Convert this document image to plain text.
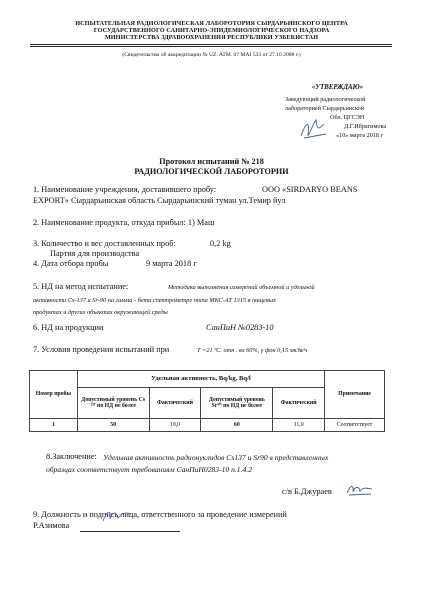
ИСПЫТАТЕЛЬНАЯ РАДИОЛОГИЧЕСКАЯ ЛАБОРОТОРИЯ СЫРДАРЬИНСКОГО ЦЕНТРА
ГОСУДАРСТВЕННОГО САНИТАРНО-ЭПИДЕМИОЛОГИЧЕСКОГО НАДЗОРА
МИНИСТЕРСТВА ЗДРАВООХРАНЕНИЯ РЕСПУБЛИКИ УЗБЕКИСТАН
(Свидетельство об аккредитации № UZ. ATM. 07 MAI 533 от 27.10 2008 г.)
«УТВЕРЖДАЮ»
Заведующий радиологической
лабораторией Сырдарьинской
Обл. ЦГСЭН
Д.Г.Ибрагимова
«10» марта 2018 г
Протокол испытаний № 218
РАДИОЛОГИЧЕСКОЙ ЛАБОРОТОРИИ
1. Наименование учреждения, доставившего пробу:	ООО «SIRDARYO BEANS
EXPORT» Сырдарьинская область Сырдарьинский туман ул.Темир йул
2. Наименование продукта, откуда прибыл: 1) Маш
3. Количество и вес доставленных проб:	0,2 kg
Партия для производства
4. Дата отбора пробы	9 марта 2018 г
5. НД на метод испытание:	Методика выполнения измерений объемной и удельной
активности Cs-137 и Sr-90 на гамма - бета спектрометре типа МКС-АТ 1315 в пищевых
продуктах и других объектах окружающей среды
6. НД на продукции	СанПиН №0283-10
7. Условия проведения испытаний при	Т =21 ºС. отн . вл 60%, γ фон 0,15 мкЗв/ч
Номер пробы	Удельная активность, Bq/kg, Bq/l				Примечание
	Допустимый уровень Cs ¹³⁷ по НД не более	Фактический	Допустимый уровень Sr⁹⁰ по НД не более	Фактический	
1	50	10,0	60	11,0	Соответствует
8.Заключение: Удельная активность радионуклидов Cs137 и Sr90 в представленных
образцах соответствует требованиям СанПиН0283-10 п.1.4.2
с/в Б.Джураев
9. Должность и подпись лица, ответственного за проведение измерений
Р.Азимова
